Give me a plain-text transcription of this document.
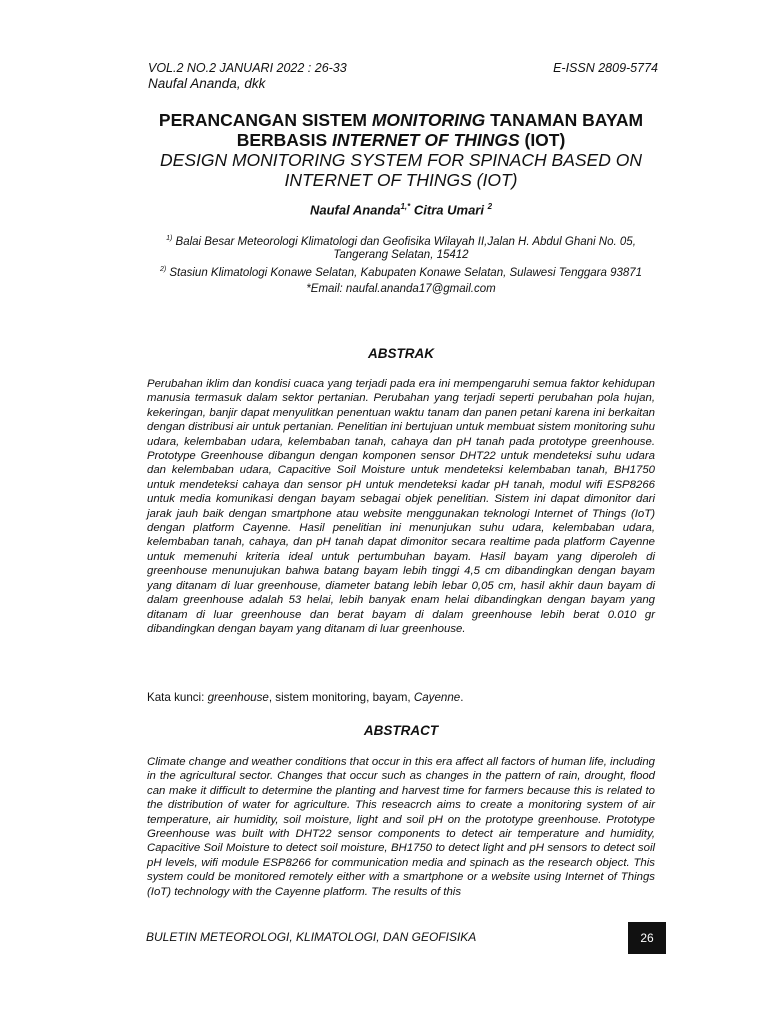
VOL.2 NO.2 JANUARI 2022 : 26-33
Naufal Ananda, dkk
E-ISSN 2809-5774
PERANCANGAN SISTEM MONITORING TANAMAN BAYAM
BERBASIS INTERNET OF THINGS (IOT)
DESIGN MONITORING SYSTEM FOR SPINACH BASED ON
INTERNET OF THINGS (IOT)
Naufal Ananda$^{1,*}$ Citra Umari $^2$
$^{1)}$ Balai Besar Meteorologi Klimatologi dan Geofisika Wilayah II,Jalan H. Abdul Ghani No. 05, Tangerang Selatan, 15412
$^{2)}$ Stasiun Klimatologi Konawe Selatan, Kabupaten Konawe Selatan, Sulawesi Tenggara 93871
*Email: naufal.ananda17@gmail.com
ABSTRAK
Perubahan iklim dan kondisi cuaca yang terjadi pada era ini mempengaruhi semua faktor kehidupan manusia termasuk dalam sektor pertanian. Perubahan yang terjadi seperti perubahan pola hujan, kekeringan, banjir dapat menyulitkan penentuan waktu tanam dan panen petani karena ini berkaitan dengan distribusi air untuk pertanian. Penelitian ini bertujuan untuk membuat sistem monitoring suhu udara, kelembaban udara, kelembaban tanah, cahaya dan pH tanah pada prototype greenhouse. Prototype Greenhouse dibangun dengan komponen sensor DHT22 untuk mendeteksi suhu udara dan kelembaban udara, Capacitive Soil Moisture untuk mendeteksi kelembaban tanah, BH1750 untuk mendeteksi cahaya dan sensor pH untuk mendeteksi kadar pH tanah, modul wifi ESP8266 untuk media komunikasi dengan bayam sebagai objek penelitian. Sistem ini dapat dimonitor dari jarak jauh baik dengan smartphone atau website menggunakan teknologi Internet of Things (IoT) dengan platform Cayenne. Hasil penelitian ini menunjukan suhu udara, kelembaban udara, kelembaban tanah, cahaya, dan pH tanah dapat dimonitor secara realtime pada platform Cayenne untuk memenuhi kriteria ideal untuk pertumbuhan bayam. Hasil bayam yang diperoleh di greenhouse menunujukan bahwa batang bayam lebih tinggi 4,5 cm dibandingkan dengan bayam yang ditanam di luar greenhouse, diameter batang lebih lebar 0,05 cm, hasil akhir daun bayam di dalam greenhouse adalah 53 helai, lebih banyak enam helai dibandingkan dengan bayam yang ditanam di luar greenhouse dan berat bayam di dalam greenhouse lebih berat 0.010 gr dibandingkan dengan bayam yang ditanam di luar greenhouse.
Kata kunci: greenhouse, sistem monitoring, bayam, Cayenne.
ABSTRACT
Climate change and weather conditions that occur in this era affect all factors of human life, including in the agricultural sector. Changes that occur such as changes in the pattern of rain, drought, flood can make it difficult to determine the planting and harvest time for farmers because this is related to the distribution of water for agriculture. This reseacrch aims to create a monitoring system of air temperature, air humidity, soil moisture, light and soil pH on the prototype greenhouse. Prototype Greenhouse was built with DHT22 sensor components to detect air temperature and humidity, Capacitive Soil Moisture to detect soil moisture, BH1750 to detect light and pH sensors to detect soil pH levels, wifi module ESP8266 for communication media and spinach as the research object. This system could be monitored remotely either with a smartphone or a website using Internet of Things (IoT) technology with the Cayenne platform. The results of this
BULETIN METEOROLOGI, KLIMATOLOGI, DAN GEOFISIKA	26
